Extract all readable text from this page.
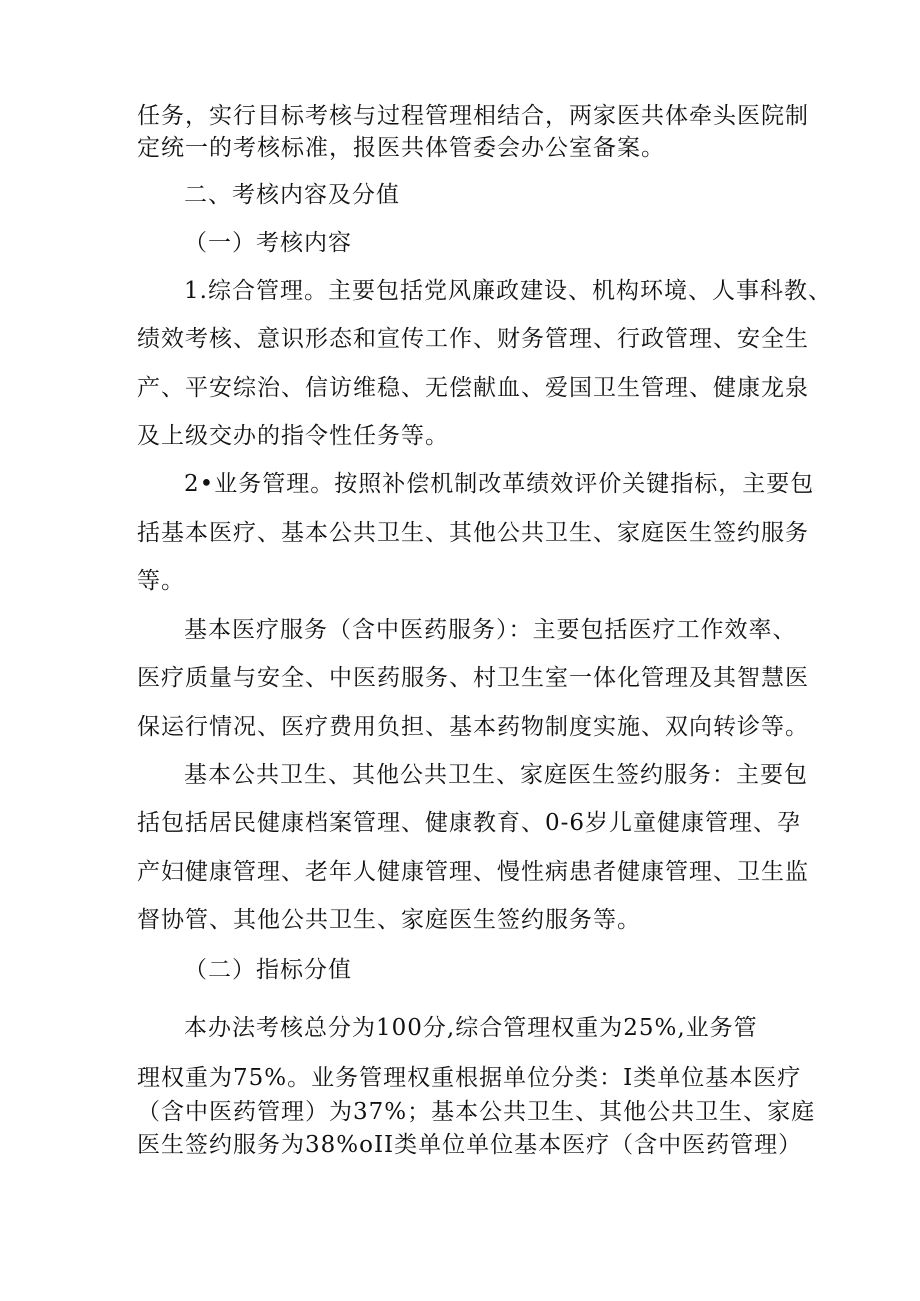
任务，实行目标考核与过程管理相结合，两家医共体牵头医院制
定统一的考核标准，报医共体管委会办公室备案。
二、考核内容及分值
（一）考核内容
1.综合管理。主要包括党风廉政建设、机构环境、人事科教、
绩效考核、意识形态和宣传工作、财务管理、行政管理、安全生
产、平安综治、信访维稳、无偿献血、爱国卫生管理、健康龙泉
及上级交办的指令性任务等。
2•业务管理。按照补偿机制改革绩效评价关键指标，主要包
括基本医疗、基本公共卫生、其他公共卫生、家庭医生签约服务
等。
基本医疗服务（含中医药服务）：主要包括医疗工作效率、
医疗质量与安全、中医药服务、村卫生室一体化管理及其智慧医
保运行情况、医疗费用负担、基本药物制度实施、双向转诊等。
基本公共卫生、其他公共卫生、家庭医生签约服务：主要包
括包括居民健康档案管理、健康教育、0-6岁儿童健康管理、孕
产妇健康管理、老年人健康管理、慢性病患者健康管理、卫生监
督协管、其他公共卫生、家庭医生签约服务等。
（二）指标分值
本办法考核总分为100分,综合管理权重为25%,业务管
理权重为75%。业务管理权重根据单位分类：I类单位基本医疗
（含中医药管理）为37%；基本公共卫生、其他公共卫生、家庭
医生签约服务为38%oII类单位单位基本医疗（含中医药管理）
